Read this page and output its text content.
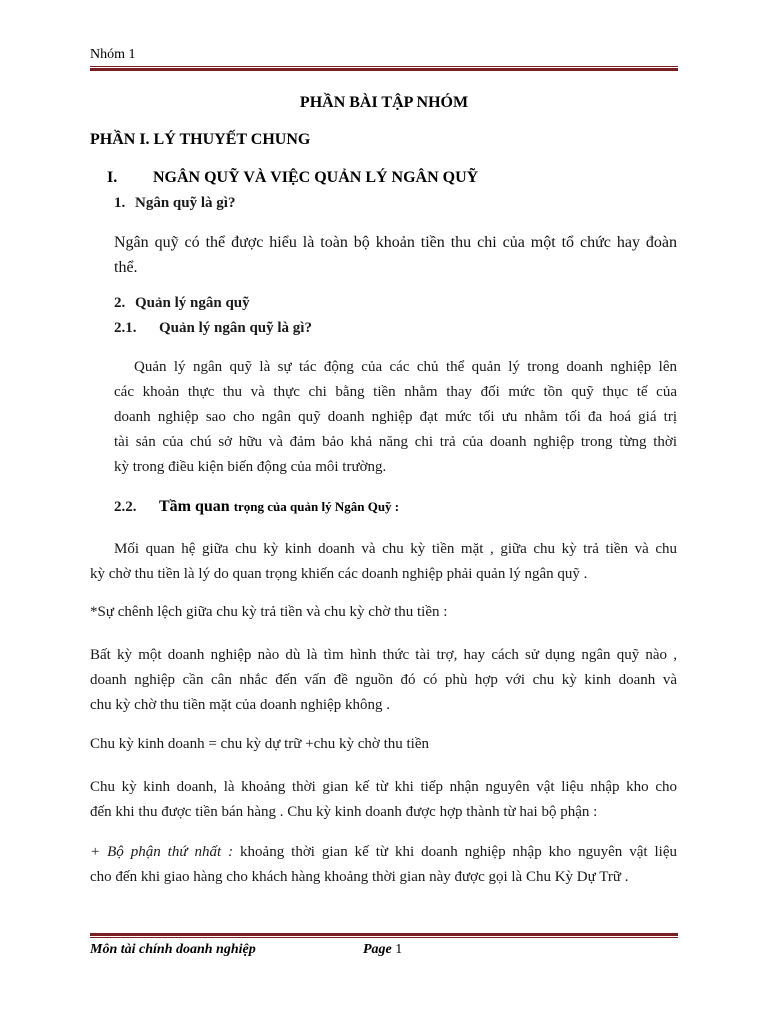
Nhóm 1
PHẦN BÀI TẬP NHÓM
PHẦN I. LÝ THUYẾT CHUNG
I. NGÂN QUỸ VÀ VIỆC QUẢN LÝ NGÂN QUỸ
1. Ngân quỹ là gì?
Ngân quỹ có thể được hiểu là toàn bộ khoản tiền thu chi của một tổ chức hay đoàn
thể.
2. Quản lý ngân quỹ
2.1. Quản lý ngân quỹ là gì?
Quản lý ngân quỹ là sự tác động của các chủ thể quản lý trong doanh nghiệp lên
các khoản thực thu và thực chi bằng tiền nhằm thay đối mức tồn quỹ thục tế của
doanh nghiệp sao cho ngân quỹ doanh nghiệp đạt mức tối ưu nhằm tối đa hoá giá trị
tài sản của chú sở hữu và đảm bảo khả năng chi trả của doanh nghiệp trong từng thời
kỳ trong điều kiện biến động của môi trường.
2.2. Tầm quan trọng của quản lý Ngân Quỹ :
Mối quan hệ giữa chu kỳ kinh doanh và chu kỳ tiền mặt , giữa chu kỳ trả tiền và chu
kỳ chờ thu tiền là lý do quan trọng khiến các doanh nghiệp phải quản lý ngân quỹ .
*Sự chênh lệch giữa chu kỳ trả tiền và chu kỳ chờ thu tiền :
Bất kỳ một doanh nghiệp nào dù là tìm hình thức tài trợ, hay cách sử dụng ngân quỹ nào ,
doanh nghiệp cần cân nhắc đến vấn đề nguồn đó có phù hợp với chu kỳ kinh doanh và
chu kỳ chờ thu tiền mặt của doanh nghiệp không .
Chu kỳ kinh doanh = chu kỳ dự trữ +chu kỳ chờ thu tiền
Chu kỳ kinh doanh, là khoảng thời gian kế từ khi tiếp nhận nguyên vật liệu nhập kho cho
đến khi thu được tiền bán hàng . Chu kỳ kinh doanh được hợp thành từ hai bộ phận :
+ Bộ phận thứ nhất : khoảng thời gian kế từ khi doanh nghiệp nhập kho nguyên vật liệu
cho đến khi giao hàng cho khách hàng khoảng thời gian này được gọi là Chu Kỳ Dự Trữ .
Môn tài chính doanh nghiệp	Page 1
